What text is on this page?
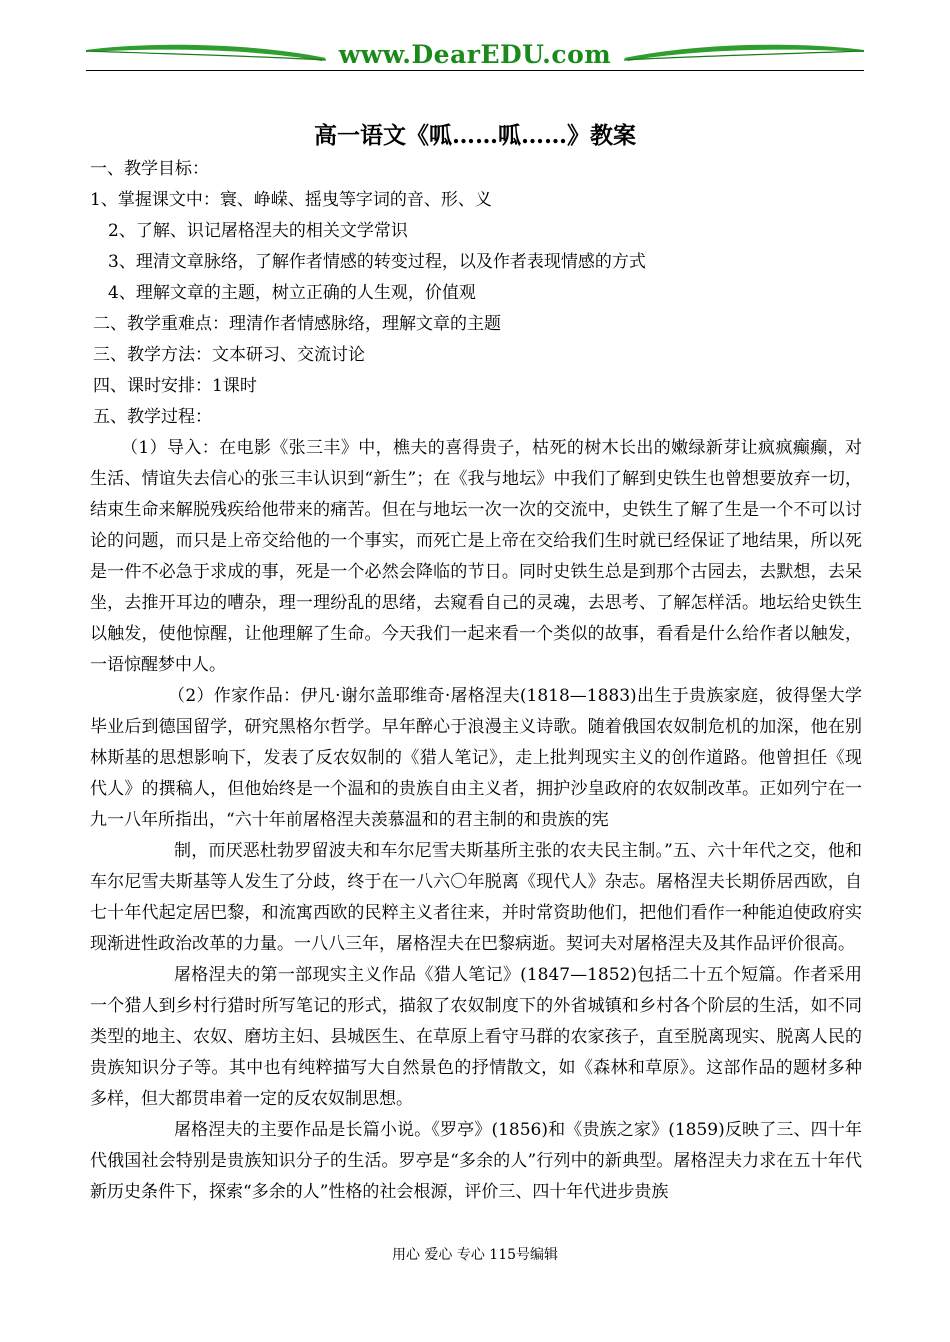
www.DearEDU.com
高一语文《呱……呱……》教案
一、教学目标：
1、掌握课文中：寰、峥嵘、摇曳等字词的音、形、义
2、了解、识记屠格涅夫的相关文学常识
3、理清文章脉络，了解作者情感的转变过程，以及作者表现情感的方式
4、理解文章的主题，树立正确的人生观，价值观
二、教学重难点：理清作者情感脉络，理解文章的主题
三、教学方法：文本研习、交流讨论
四、课时安排：1课时
五、教学过程：

（1）导入：在电影《张三丰》中，樵夫的喜得贵子，枯死的树木长出的嫩绿新芽让疯疯癫癫，对生活、情谊失去信心的张三丰认识到“新生”；在《我与地坛》中我们了解到史铁生也曾想要放弃一切，结束生命来解脱残疾给他带来的痛苦。但在与地坛一次一次的交流中，史铁生了解了生是一个不可以讨论的问题，而只是上帝交给他的一个事实，而死亡是上帝在交给我们生时就已经保证了地结果，所以死是一件不必急于求成的事，死是一个必然会降临的节日。同时史铁生总是到那个古园去，去默想，去呆坐，去推开耳边的嘈杂，理一理纷乱的思绪，去窥看自己的灵魂，去思考、了解怎样活。地坛给史铁生以触发，使他惊醒，让他理解了生命。今天我们一起来看一个类似的故事，看看是什么给作者以触发，一语惊醒梦中人。

（2）作家作品：伊凡·谢尔盖耶维奇·屠格涅夫(1818—1883)出生于贵族家庭，彼得堡大学毕业后到德国留学，研究黑格尔哲学。早年醉心于浪漫主义诗歌。随着俄国农奴制危机的加深，他在别林斯基的思想影响下，发表了反农奴制的《猎人笔记》，走上批判现实主义的创作道路。他曾担任《现代人》的撰稿人，但他始终是一个温和的贵族自由主义者，拥护沙皇政府的农奴制改革。正如列宁在一九一八年所指出，“六十年前屠格涅夫羡慕温和的君主制的和贵族的宪

制，而厌恶杜勃罗留波夫和车尔尼雪夫斯基所主张的农夫民主制。”五、六十年代之交，他和车尔尼雪夫斯基等人发生了分歧，终于在一八六〇年脱离《现代人》杂志。屠格涅夫长期侨居西欧，自七十年代起定居巴黎，和流寓西欧的民粹主义者往来，并时常资助他们，把他们看作一种能迫使政府实现渐进性政治改革的力量。一八八三年，屠格涅夫在巴黎病逝。契诃夫对屠格涅夫及其作品评价很高。

屠格涅夫的第一部现实主义作品《猎人笔记》(1847—1852)包括二十五个短篇。作者采用一个猎人到乡村行猎时所写笔记的形式，描叙了农奴制度下的外省城镇和乡村各个阶层的生活，如不同类型的地主、农奴、磨坊主妇、县城医生、在草原上看守马群的农家孩子，直至脱离现实、脱离人民的贵族知识分子等。其中也有纯粹描写大自然景色的抒情散文，如《森林和草原》。这部作品的题材多种多样，但大都贯串着一定的反农奴制思想。

屠格涅夫的主要作品是长篇小说。《罗亭》(1856)和《贵族之家》(1859)反映了三、四十年代俄国社会特别是贵族知识分子的生活。罗亭是“多余的人”行列中的新典型。屠格涅夫力求在五十年代新历史条件下，探索“多余的人”性格的社会根源，评价三、四十年代进步贵族

用心 爱心 专心 115号编辑
